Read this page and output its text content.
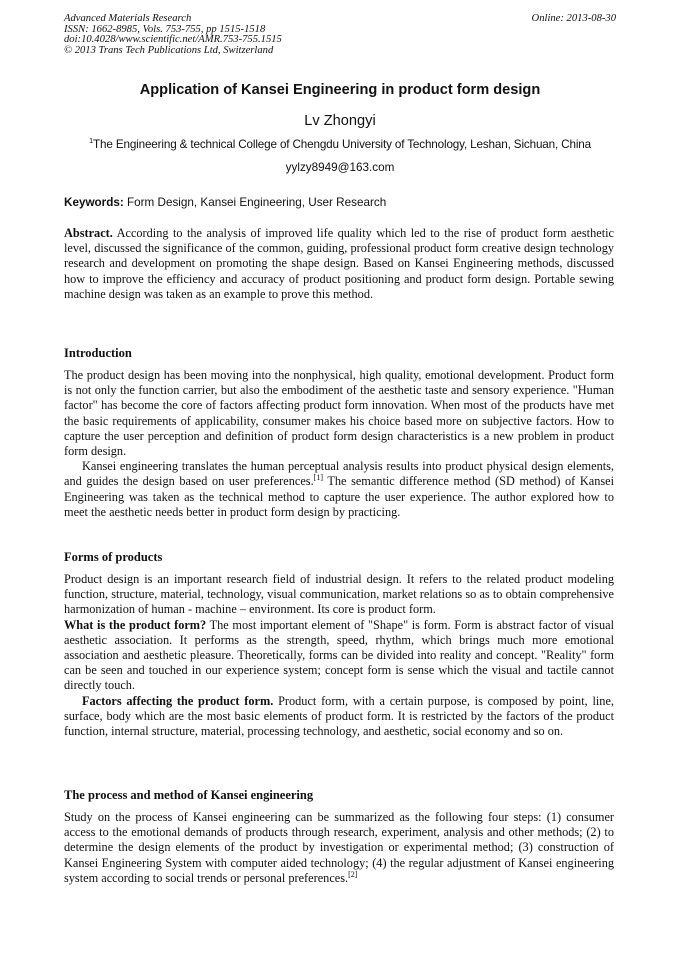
Advanced Materials Research	Online: 2013-08-30
ISSN: 1662-8985, Vols. 753-755, pp 1515-1518
doi:10.4028/www.scientific.net/AMR.753-755.1515
© 2013 Trans Tech Publications Ltd, Switzerland
Application of Kansei Engineering in product form design
Lv Zhongyi
$^1$The Engineering & technical College of Chengdu University of Technology, Leshan, Sichuan, China
yylzy8949@163.com
Keywords: Form Design, Kansei Engineering, User Research

Abstract. According to the analysis of improved life quality which led to the rise of product form aesthetic level, discussed the significance of the common, guiding, professional product form creative design technology research and development on promoting the shape design. Based on Kansei Engineering methods, discussed how to improve the efficiency and accuracy of product positioning and product form design. Portable sewing machine design was taken as an example to prove this method.

Introduction

The product design has been moving into the nonphysical, high quality, emotional development. Product form is not only the function carrier, but also the embodiment of the aesthetic taste and sensory experience. "Human factor" has become the core of factors affecting product form innovation. When most of the products have met the basic requirements of applicability, consumer makes his choice based more on subjective factors. How to capture the user perception and definition of product form design characteristics is a new problem in product form design.

Kansei engineering translates the human perceptual analysis results into product physical design elements, and guides the design based on user preferences.[1] The semantic difference method (SD method) of Kansei Engineering was taken as the technical method to capture the user experience. The author explored how to meet the aesthetic needs better in product form design by practicing.

Forms of products

Product design is an important research field of industrial design. It refers to the related product modeling function, structure, material, technology, visual communication, market relations so as to obtain comprehensive harmonization of human - machine – environment. Its core is product form.

What is the product form? The most important element of "Shape" is form. Form is abstract factor of visual aesthetic association. It performs as the strength, speed, rhythm, which brings much more emotional association and aesthetic pleasure. Theoretically, forms can be divided into reality and concept. "Reality" form can be seen and touched in our experience system; concept form is sense which the visual and tactile cannot directly touch.

Factors affecting the product form. Product form, with a certain purpose, is composed by point, line, surface, body which are the most basic elements of product form. It is restricted by the factors of the product function, internal structure, material, processing technology, and aesthetic, social economy and so on.

The process and method of Kansei engineering

Study on the process of Kansei engineering can be summarized as the following four steps: (1) consumer access to the emotional demands of products through research, experiment, analysis and other methods; (2) to determine the design elements of the product by investigation or experimental method; (3) construction of Kansei Engineering System with computer aided technology; (4) the regular adjustment of Kansei engineering system according to social trends or personal preferences.[2]
